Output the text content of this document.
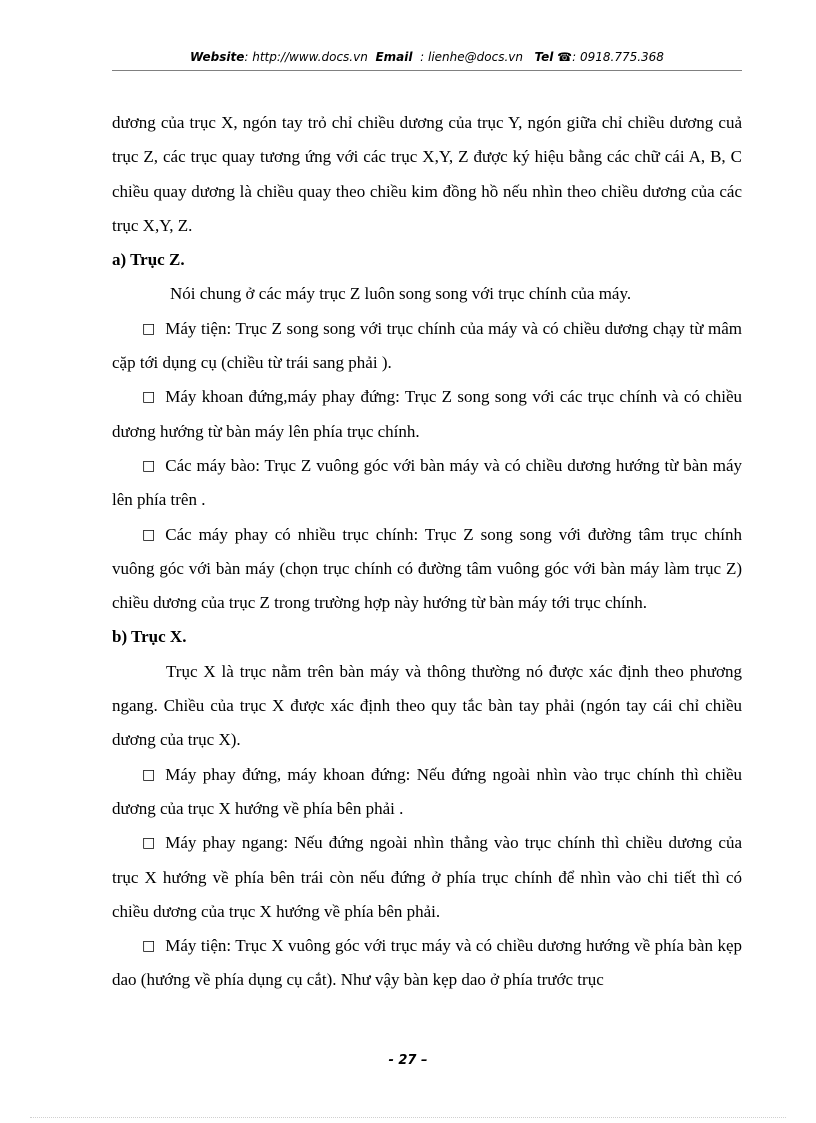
Website: http://www.docs.vn Email : lienhe@docs.vn Tel ☎: 0918.775.368

dương của trục X, ngón tay trỏ chỉ chiều dương của trục Y, ngón giữa chỉ chiều dương cuả trục Z, các trục quay tương ứng với các trục X,Y, Z được ký hiệu bằng các chữ cái A, B, C chiều quay dương là chiều quay theo chiều kim đồng hồ nếu nhìn theo chiều dương của các trục X,Y, Z.

a) Trục Z.

Nói chung ở các máy trục Z luôn song song với trục chính của máy.

□ Máy tiện: Trục Z song song với trục chính của máy và có chiều dương chạy từ mâm cặp tới dụng cụ (chiều từ trái sang phải ).

□ Máy khoan đứng,máy phay đứng: Trục Z song song với các trục chính và có chiều dương hướng từ bàn máy lên phía trục chính.

□ Các máy bào: Trục Z vuông góc với bàn máy và có chiều dương hướng từ bàn máy lên phía trên .

□ Các máy phay có nhiều trục chính: Trục Z song song với đường tâm trục chính vuông góc với bàn máy (chọn trục chính có đường tâm vuông góc với bàn máy làm trục Z) chiều dương của trục Z trong trường hợp này hướng từ bàn máy tới trục chính.

b) Trục X.

Trục X là trục nằm trên bàn máy và thông thường nó được xác định theo phương ngang. Chiều của trục X được xác định theo quy tắc bàn tay phải (ngón tay cái chỉ chiều dương của trục X).

□ Máy phay đứng, máy khoan đứng: Nếu đứng ngoài nhìn vào trục chính thì chiều dương của trục X hướng về phía bên phải .

□ Máy phay ngang: Nếu đứng ngoài nhìn thẳng vào trục chính thì chiều dương của trục X hướng về phía bên trái còn nếu đứng ở phía trục chính để nhìn vào chi tiết thì có chiều dương của trục X hướng về phía bên phải.

□ Máy tiện: Trục X vuông góc với trục máy và có chiều dương hướng về phía bàn kẹp dao (hướng về phía dụng cụ cắt). Như vậy bàn kẹp dao ở phía trước trục

- 27 –
